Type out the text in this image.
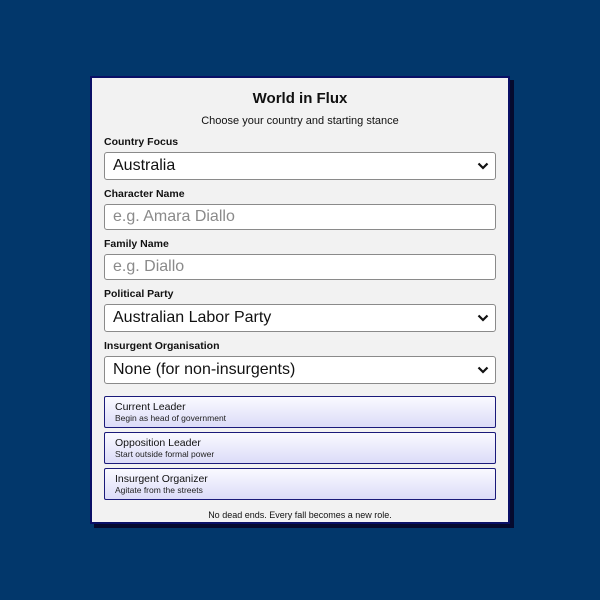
World in Flux
Choose your country and starting stance
Country Focus
Australia
Character Name
e.g. Amara Diallo
Family Name
e.g. Diallo
Political Party
Australian Labor Party
Insurgent Organisation
None (for non-insurgents)
Current Leader
Begin as head of government
Opposition Leader
Start outside formal power
Insurgent Organizer
Agitate from the streets
No dead ends. Every fall becomes a new role.
